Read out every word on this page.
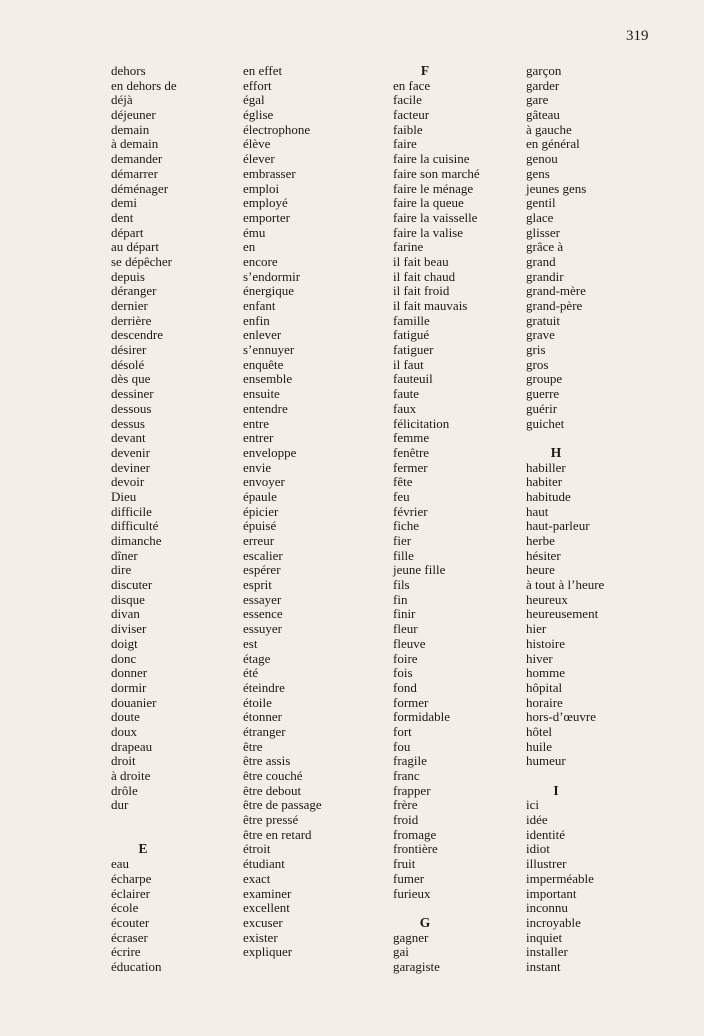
319
dehors
en dehors de
déjà
déjeuner
demain
à demain
demander
démarrer
déménager
demi
dent
départ
au départ
se dépêcher
depuis
déranger
dernier
derrière
descendre
désirer
désolé
dès que
dessiner
dessous
dessus
devant
devenir
deviner
devoir
Dieu
difficile
difficulté
dimanche
dîner
dire
discuter
disque
divan
diviser
doigt
donc
donner
dormir
douanier
doute
doux
drapeau
droit
à droite
drôle
dur
E
eau
écharpe
éclairer
école
écouter
écraser
écrire
éducation
en effet
effort
égal
église
électrophone
élève
élever
embrasser
emploi
employé
emporter
ému
en
encore
s’endormir
énergique
enfant
enfin
enlever
s’ennuyer
enquête
ensemble
ensuite
entendre
entre
entrer
enveloppe
envie
envoyer
épaule
épicier
épuisé
erreur
escalier
espérer
esprit
essayer
essence
essuyer
est
étage
été
éteindre
étoile
étonner
étranger
être
être assis
être couché
être debout
être de passage
être pressé
être en retard
étroit
étudiant
exact
examiner
excellent
excuser
exister
expliquer
F
en face
facile
facteur
faible
faire
faire la cuisine
faire son marché
faire le ménage
faire la queue
faire la vaisselle
faire la valise
farine
il fait beau
il fait chaud
il fait froid
il fait mauvais
famille
fatigué
fatiguer
il faut
fauteuil
faute
faux
félicitation
femme
fenêtre
fermer
fête
feu
février
fiche
fier
fille
jeune fille
fils
fin
finir
fleur
fleuve
foire
fois
fond
former
formidable
fort
fou
fragile
franc
frapper
frère
froid
fromage
frontière
fruit
fumer
furieux
G
gagner
gai
garagiste
garçon
garder
gare
gâteau
à gauche
en général
genou
gens
jeunes gens
gentil
glace
glisser
grâce à
grand
grandir
grand-mère
grand-père
gratuit
grave
gris
gros
groupe
guerre
guérir
guichet
H
habiller
habiter
habitude
haut
haut-parleur
herbe
hésiter
heure
à tout à l’heure
heureux
heureusement
hier
histoire
hiver
homme
hôpital
horaire
hors-d’œuvre
hôtel
huile
humeur
I
ici
idée
identité
idiot
illustrer
imperméable
important
inconnu
incroyable
inquiet
installer
instant
